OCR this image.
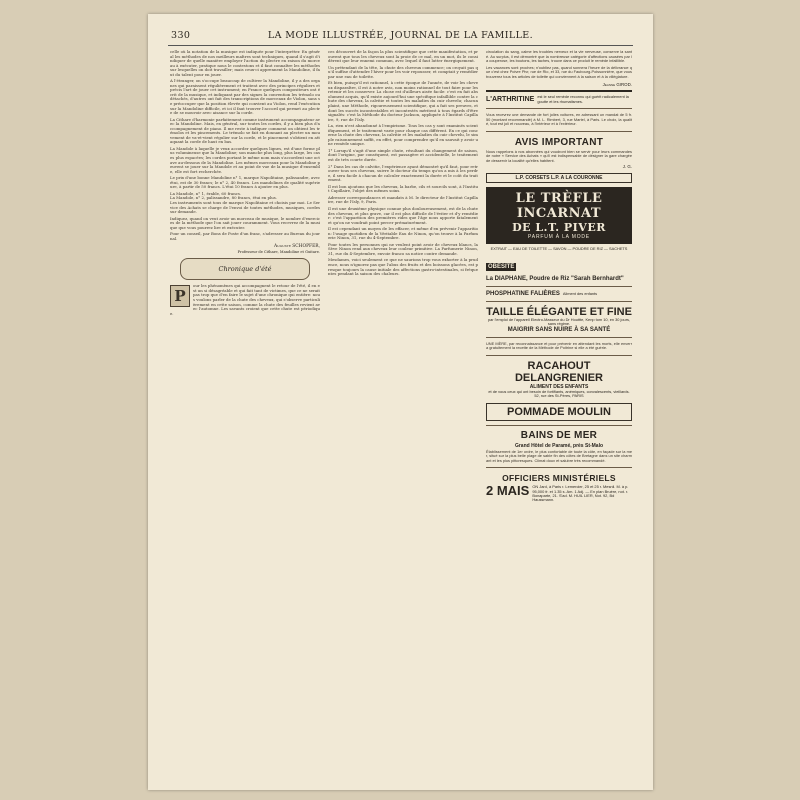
330	LA MODE ILLUSTRÉE, JOURNAL DE LA FAMILLE.

celle où la notation de la musique est indiquée pour l'interpréter. En général les méthodes de nos meilleurs maîtres sont techniques, quand il s'agit d'indiquer de quelle manière employer l'action du plectre en raison du morceau à exécuter, pratique nous le contestons et il faut connaître les méthodes sur lesquelles on doit travailler; mais ceux-ci apprennent la Mandoline, il faut du talent pour en jouer.

A l'étranger, on s'occupe beaucoup de cultiver la Mandoline, il y a des organes qui paraissent régulièrement et traitent avec des principes réguliers et précis l'art de jouer cet instrument; en France quelques compositeurs ont écrit de la musique, et indiquant par des signes la convention les trémolo ou détachés, d'autres ont fait des transcriptions de morceaux de Violon, sans se préoccuper que la position élevée qui convient au Violon, rend l'exécution sur la Mandoline difficile, et ici il faut trouver l'accord qui permet au plectre de se mouvoir avec aisance sur la corde.

La Cithare d'harmonie parfaitement comme instrument accompagnateur avec la Mandoline. Mais, en général, sur toutes les cordes, il y a bien plus d'accompagnement de piano. Il me reste à indiquer comment on obtient les trémolos et les pincements. Le trémolo se fait en donnant au plectre un mouvement de va-et-vient régulier sur la corde, et le pincement s'obtient en attaquant la corde de haut en bas.

La Mandole à laquelle je veux accorder quelques lignes, est d'une forme plus volumineuse que la Mandoline; son manche plus long, plus large, les cases plus espacées; les cordes portant le même nom mais s'accordent une octave au-dessous de la Mandoline. Les mêmes morceaux pour la Mandoline peuvent se jouer sur la Mandole et au point de vue de la musique d'ensemble, elle est fort recherchée.

Le prix d'une bonne Mandoline n° 1, marque Napolitaine, palissandre, avec étui, est de 30 francs; le n° 2, 40 francs. Les mandolines de qualité supérieure, à partir de 50 francs. L'étui 10 francs à ajouter en plus.

La Mandole, n° 1, érable, 60 francs.

La Mandole, n° 2, palissandre, 80 francs, étui en plus.

Les instruments sont tous de marque Napolitaine et choisis par moi. Le Service des Achats se charge de l'envoi de toutes méthodes, musiques, cordes sur demande.

Indiquez, quand on veut avoir un morceau de musique, le nombre d'exercices de la méthode que l'on sait jouer couramment. Vous recevrez de la musique que vous pourrez lire et exécuter.

Pour un conseil, par Bons de Poste d'un franc, s'adresser au Bureau du journal.

Auguste SCHOPFER,
Professeur de Cithare, Mandoline et Guitare.
Chronique d'été
P
our les phénomènes qui accompagnent le retour de l'été, il en est un si désagréable et qui fait tant de victimes, que ce ne serait pas trop que d'en faire le sujet d'une chronique qui entière: nous voulons parler de la chute des cheveux, qui s'observe particulièrement en cette saison, comme la chute des feuilles revient avec l'automne. Les savants croient que cette chute est périodique.

ces découvert de la façon la plus scientifique que cette manifestation, et prouvent que tous les cheveux sont la proie de ce mal, en un mot, ils le considèrent que leur ennemi commun, avec lequel il faut lutter énergiquement.

Un prétendant de la tête, la chute des cheveux commence; on croyait pas qu'il suffise d'attendre l'hiver pour les voir repousser, et comptait y remédier par une eau de toilette.

Et bien, puisqu'il est rationnel, à cette époque de l'année, de voir les cheveux disparaître, il est à notre avis, non moins rationnel de tout faire pour les retenir et les conserver. La chose est d'ailleurs aisée facile: c'est en fait absolument acquis, qu'il existe aujourd'hui une spécifique infaillible contre la chute des cheveux, la calvitie et toutes les maladies du cuir chevelu; chacun plaint, une Méthode, rigoureusement scientifique, qui a fait ses preuves, et dont les succès incontestables et incontestés méritent à tous égards d'être signalés: c'est la Méthode du docteur Jackson, appliquée à l'Institut Capillaire, 9, rue de l'Isly.

La, rien n'est abandonné à l'empirisme. Tous les cas y sont examinés scientifiquement, et le traitement varie pour chaque cas différent. En ce qui concerne la chute des cheveux, la calvitie et les maladies du cuir chevelu, le simple raisonnement suffit, en effet, pour comprendre qu'il en sauvait y avoir une remède unique.

1° Lorsqu'il s'agit d'une simple chute, résultant du changement de saison, dont l'origine, par conséquent, est passagère et accidentelle, le traitement est de très courte durée.

2° Dans les cas de calvitie, l'expérience ayant démontré qu'il faut, pour retrouver tous ses cheveux, suivre le docteur du temps qu'on a mis à les perdre, il sera facile à chacun de calculer exactement la durée et le coût du traitement.

Il est bon ajoutons que les cheveux, la barbe, cils et sourcils sont, à l'Institut Capillaire, l'objet des mêmes soins.

Adresser correspondances et mandats à M. le directeur de l'Institut Capillaire, rue de l'Isly, 9, Paris.

Il est une deuxième physique connue plus douloureusement, est de la chute des cheveux, et plus grave, car il est plus difficile de l'éviter et d'y remédier: c'est l'apparition des premières rides que l'âge nous apporte fatalement et qu'on ne voudrait point percer prématurément.

Il est cependant un moyen de les effacer, et même d'en prévenir l'apparition: l'usage quotidien de la Véritable Eau de Ninon, qu'on trouve à la Parfumerie Ninon, 31, rue du 4-Septembre.

Pour toutes les personnes qui ne veulent point avoir de cheveux blancs, la Sève Ninon rend aux cheveux leur couleur primitive. La Parfumerie Ninon, 31, rue du 4-Septembre, envoie franco sa notice contre demande.

Mesdames, voici seulement ce que ne saurions trop vous exhorter à la prudence, nous n'ignorez pas que l'abus des fruits et des boissons glacées, est presque toujours la cause initiale des affections gastro-intestinales, si fréquentes pendant la saison des chaleurs.

circulation du sang, calme les troubles nerveux et la vie nerveuse, conserve la santé. Au surplus, il est démontré que la nombreuse catégorie d'affections causées par la couperose, les boutons, les taches, trouve dans ce produit le remède infaillible.

Les vacances sont proches; n'oubliez pas, quand sonnera l'heure de la délivrance que c'est chez Poivre Pivr, rue de Rio, et 33, rue du Faubourg-Poissonnière, que vous trouverez tous les articles de toilette qui conviennent à la saison et à la villégiature.

Jeanne GIROD.
L'ARTHRITINE est le seul remède reconnu qui guérit radicalement la goutte et les rhumatismes.

Vous recevrez une demande de fort jolies voitures, en adressant un mandat de 5 fr. 50 (montant recommandé) à M. L. Rimbert, 3, rue Martel, à Paris. Le choix, la qualité, tout est joli et nouveau, à l'intérieur et à l'extérieur.

AVIS IMPORTANT

Nous rappelons à nos abonnées qui voudront bien se servir pour leurs commandes de notre « Service des Achats » qu'il est indispensable de désigner la gare chargée de desservir la localité qu'elles habitent.

J. G.
L.P. CORSETS L.P. A LA COURONNE
LE TRÈFLE INCARNAT
DE L.T. PIVER
PARFUM À LA MODE
EXTRAIT — EAU DE TOILETTE — SAVON — POUDRE DE RIZ — SACHETS
OBÉSITÉ
La DIAPHANE, Poudre de Riz "Sarah Bernhardt"
PHOSPHATINE FALIÈRES Aliment des enfants
TAILLE ÉLÉGANTE ET FINE
par l'emploi de l'appareil Electro-Masseur du Dr Houttte, Kenp tom 10, en 30 jours, sans régime.
MAIGRIR SANS NUIRE À SA SANTÉ

UNE MÈRE, par reconnaissance et pour prévenir en attendant les morts, elle enverra gratuitement la recette de la Méthode de Poitrine si elle a été guérie.

RACAHOUT DELANGRENIER
ALIMENT DES ENFANTS
et de vous ceux qui ont besoin de fortifiants, anémiques, convalescents, vieillards. 52, rue des St-Pères, PARIS
POMMADE MOULIN
BAINS DE MER
Grand Hôtel de Paramé, près St-Malo

Établissement de 1er ordre, le plus confortable de toute la côte, en façade sur la mer, situé sur la plus belle plage de sable fin des côtes de Bretagne dans un site charmant et les plus pittoresques. Climat doux et salubre très recommandé.

OFFICIERS MINISTÉRIELS
2 MAIS ON Jard, à Paris r. Lemercier, 25 et 25 r. Mesnil. M. à p. 95,000 fr. et 1.35 s. Am. 1 Adj. — En plan Bruère, not. r. Bonaparte, 21. S'ad. M. HUIL LIER, Not. 92, Bd Haussmann.
